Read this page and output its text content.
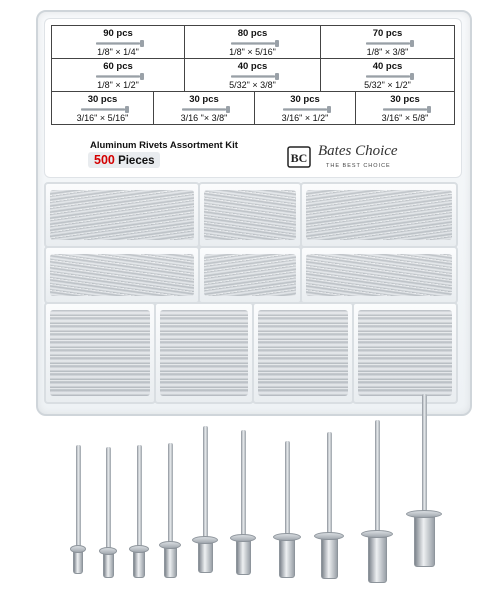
90 pcs
1/8" × 1/4"
80 pcs
1/8" × 5/16"
70 pcs
1/8" × 3/8"
60 pcs
1/8" × 1/2"
40 pcs
5/32" × 3/8"
40 pcs
5/32" × 1/2"
30 pcs
3/16" × 5/16"
30 pcs
3/16 "× 3/8"
30 pcs
3/16" × 1/2"
30 pcs
3/16" × 5/8"
Aluminum Rivets Assortment Kit
500 Pieces	BC Bates Choice
THE BEST CHOICE
